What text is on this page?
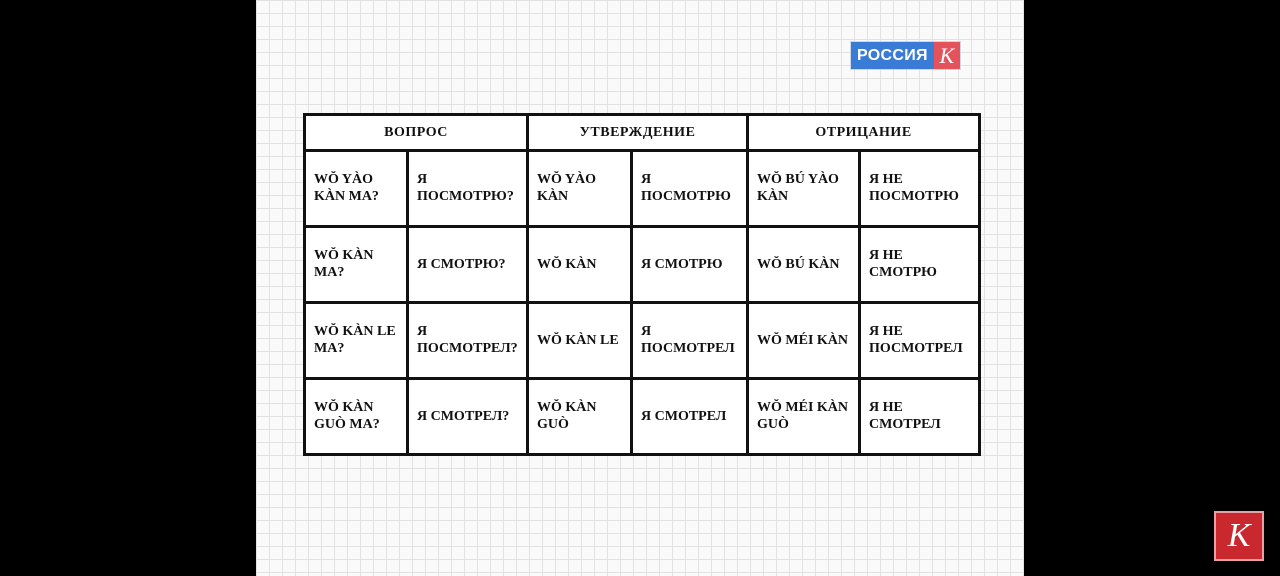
РОССИЯ К
ВОПРОС		УТВЕРЖДЕНИЕ		ОТРИЦАНИЕ	
WŎ YÀO KÀN MA?	Я ПОСМОТРЮ?	WŎ YÀO KÀN	Я ПОСМОТРЮ	WŎ BÚ YÀO KÀN	Я НЕ ПОСМОТРЮ
WŎ KÀN MA?	Я СМОТРЮ?	WŎ KÀN	Я СМОТРЮ	WŎ BÚ KÀN	Я НЕ СМОТРЮ
WŎ KÀN LE MA?	Я ПОСМОТРЕЛ?	WŎ KÀN LE	Я ПОСМОТРЕЛ	WŎ MÉI KÀN	Я НЕ ПОСМОТРЕЛ
WŎ KÀN GUÒ MA?	Я СМОТРЕЛ?	WŎ KÀN GUÒ	Я СМОТРЕЛ	WŎ MÉI KÀN GUÒ	Я НЕ СМОТРЕЛ
К
